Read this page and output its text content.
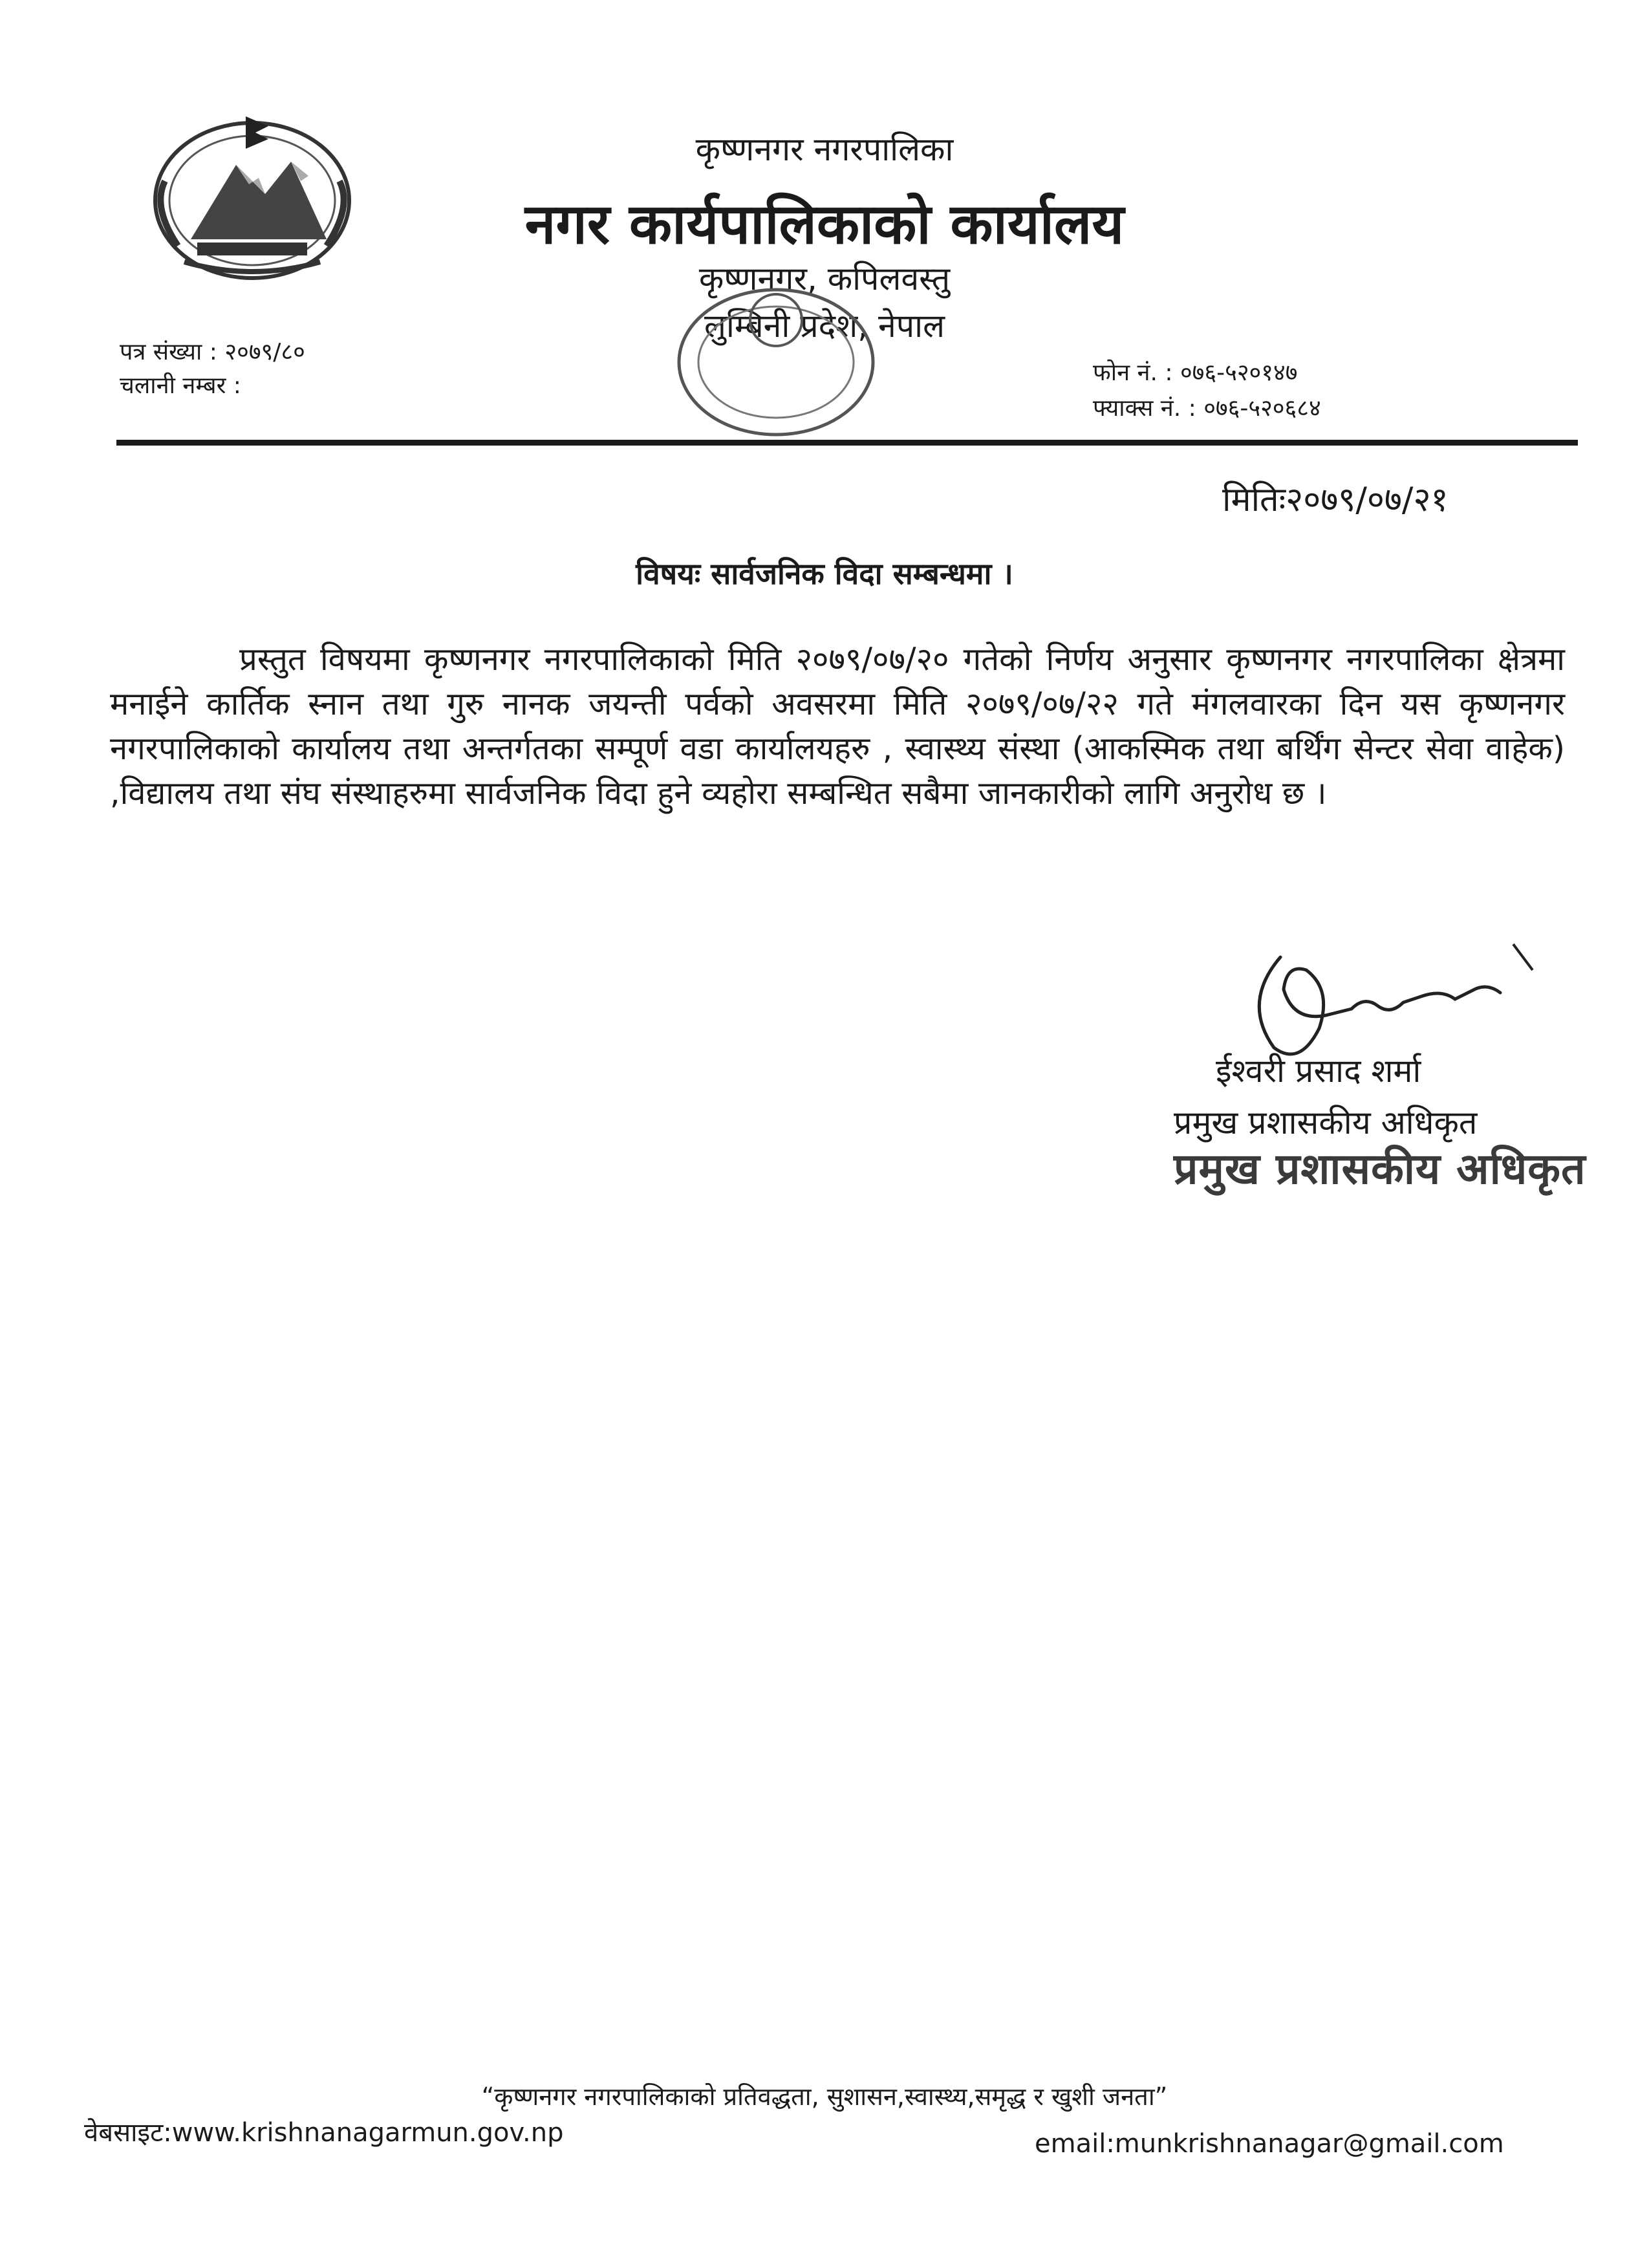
कृष्णनगर नगरपालिका
नगर कार्यपालिकाको कार्यालय
कृष्णनगर, कपिलवस्तु
लुम्बिनी प्रदेश, नेपाल
पत्र संख्या : २०७९/८०
चलानी नम्बर :	फोन नं. : ०७६-५२०१४७
फ्याक्स नं. : ०७६-५२०६८४
मितिः२०७९/०७/२१
विषयः सार्वजनिक विदा सम्बन्धमा ।
प्रस्तुत विषयमा कृष्णनगर नगरपालिकाको मिति २०७९/०७/२० गतेको निर्णय अनुसार कृष्णनगर नगरपालिका क्षेत्रमा मनाईने कार्तिक स्नान तथा गुरु नानक जयन्ती पर्वको अवसरमा मिति २०७९/०७/२२ गते मंगलवारका दिन यस कृष्णनगर नगरपालिकाको कार्यालय तथा अन्तर्गतका सम्पूर्ण वडा कार्यालयहरु , स्वास्थ्य संस्था (आकस्मिक तथा बर्थिंग सेन्टर सेवा वाहेक) ,विद्यालय तथा संघ संस्थाहरुमा सार्वजनिक विदा हुने व्यहोरा सम्बन्धित सबैमा जानकारीको लागि अनुरोध छ ।
ईश्वरी प्रसाद शर्मा
प्रमुख प्रशासकीय अधिकृत
प्रमुख प्रशासकीय अधिकृत
“कृष्णनगर नगरपालिकाको प्रतिवद्धता, सुशासन,स्वास्थ्य,समृद्ध र खुशी जनता”
वेबसाइट:www.krishnanagarmun.gov.np	email:munkrishnanagar@gmail.com
